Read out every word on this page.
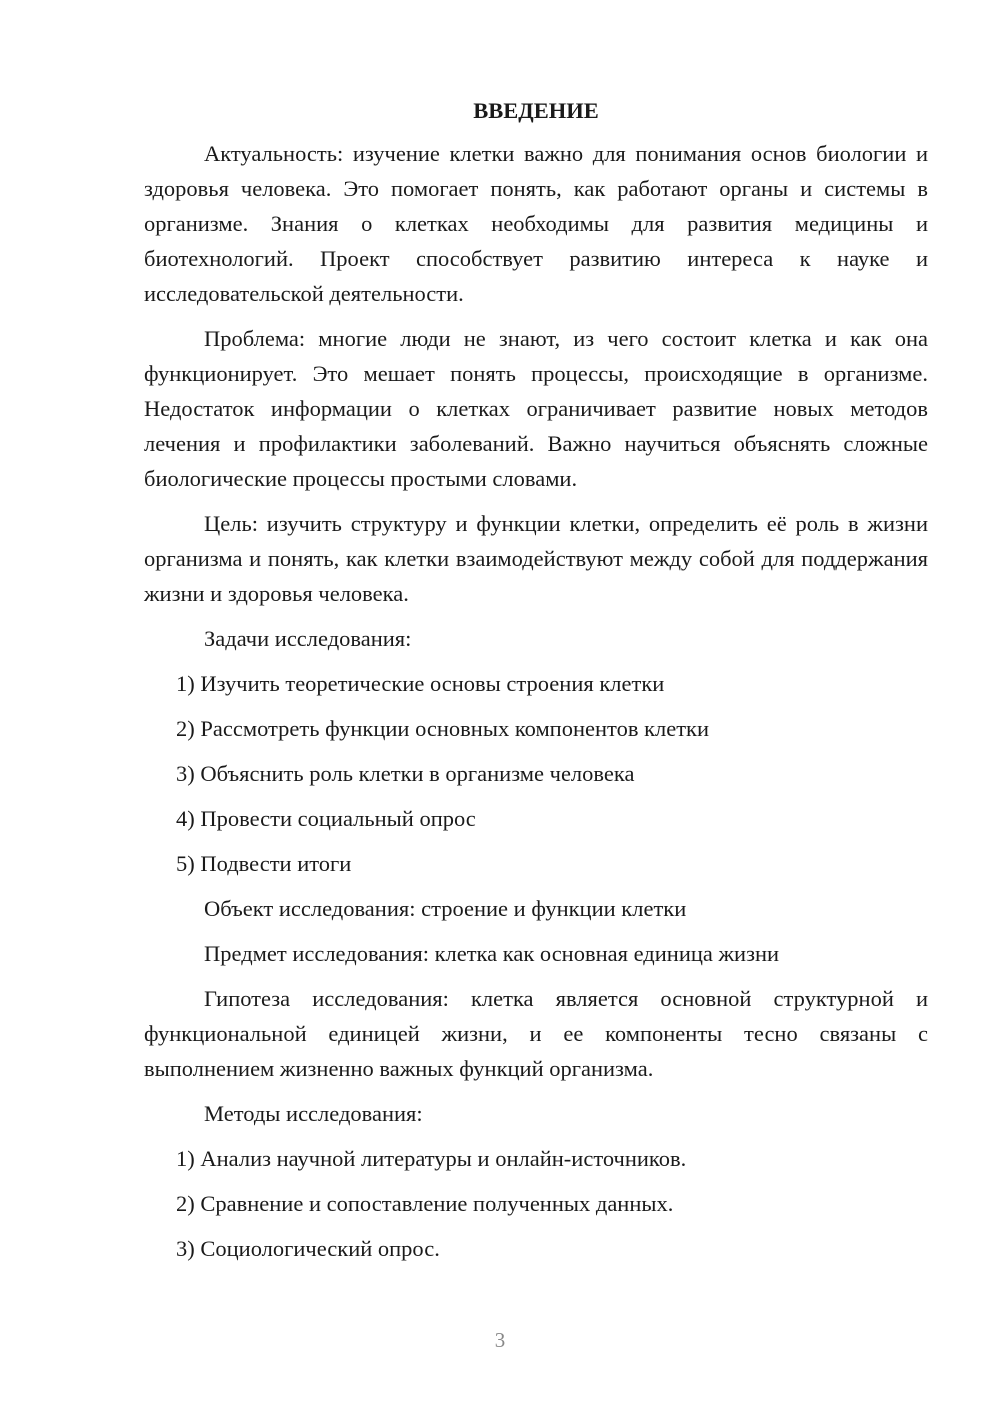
ВВЕДЕНИЕ
Актуальность: изучение клетки важно для понимания основ биологии и здоровья человека. Это помогает понять, как работают органы и системы в организме. Знания о клетках необходимы для развития медицины и биотехнологий. Проект способствует развитию интереса к науке и исследовательской деятельности.
Проблема: многие люди не знают, из чего состоит клетка и как она функционирует. Это мешает понять процессы, происходящие в организме. Недостаток информации о клетках ограничивает развитие новых методов лечения и профилактики заболеваний. Важно научиться объяснять сложные биологические процессы простыми словами.
Цель: изучить структуру и функции клетки, определить её роль в жизни организма и понять, как клетки взаимодействуют между собой для поддержания жизни и здоровья человека.
Задачи исследования:
1) Изучить теоретические основы строения клетки
2) Рассмотреть функции основных компонентов клетки
3) Объяснить роль клетки в организме человека
4) Провести социальный опрос
5) Подвести итоги
Объект исследования: строение и функции клетки
Предмет исследования: клетка как основная единица жизни
Гипотеза исследования: клетка является основной структурной и функциональной единицей жизни, и ее компоненты тесно связаны с выполнением жизненно важных функций организма.
Методы исследования:
1) Анализ научной литературы и онлайн-источников.
2) Сравнение и сопоставление полученных данных.
3) Социологический опрос.
3
